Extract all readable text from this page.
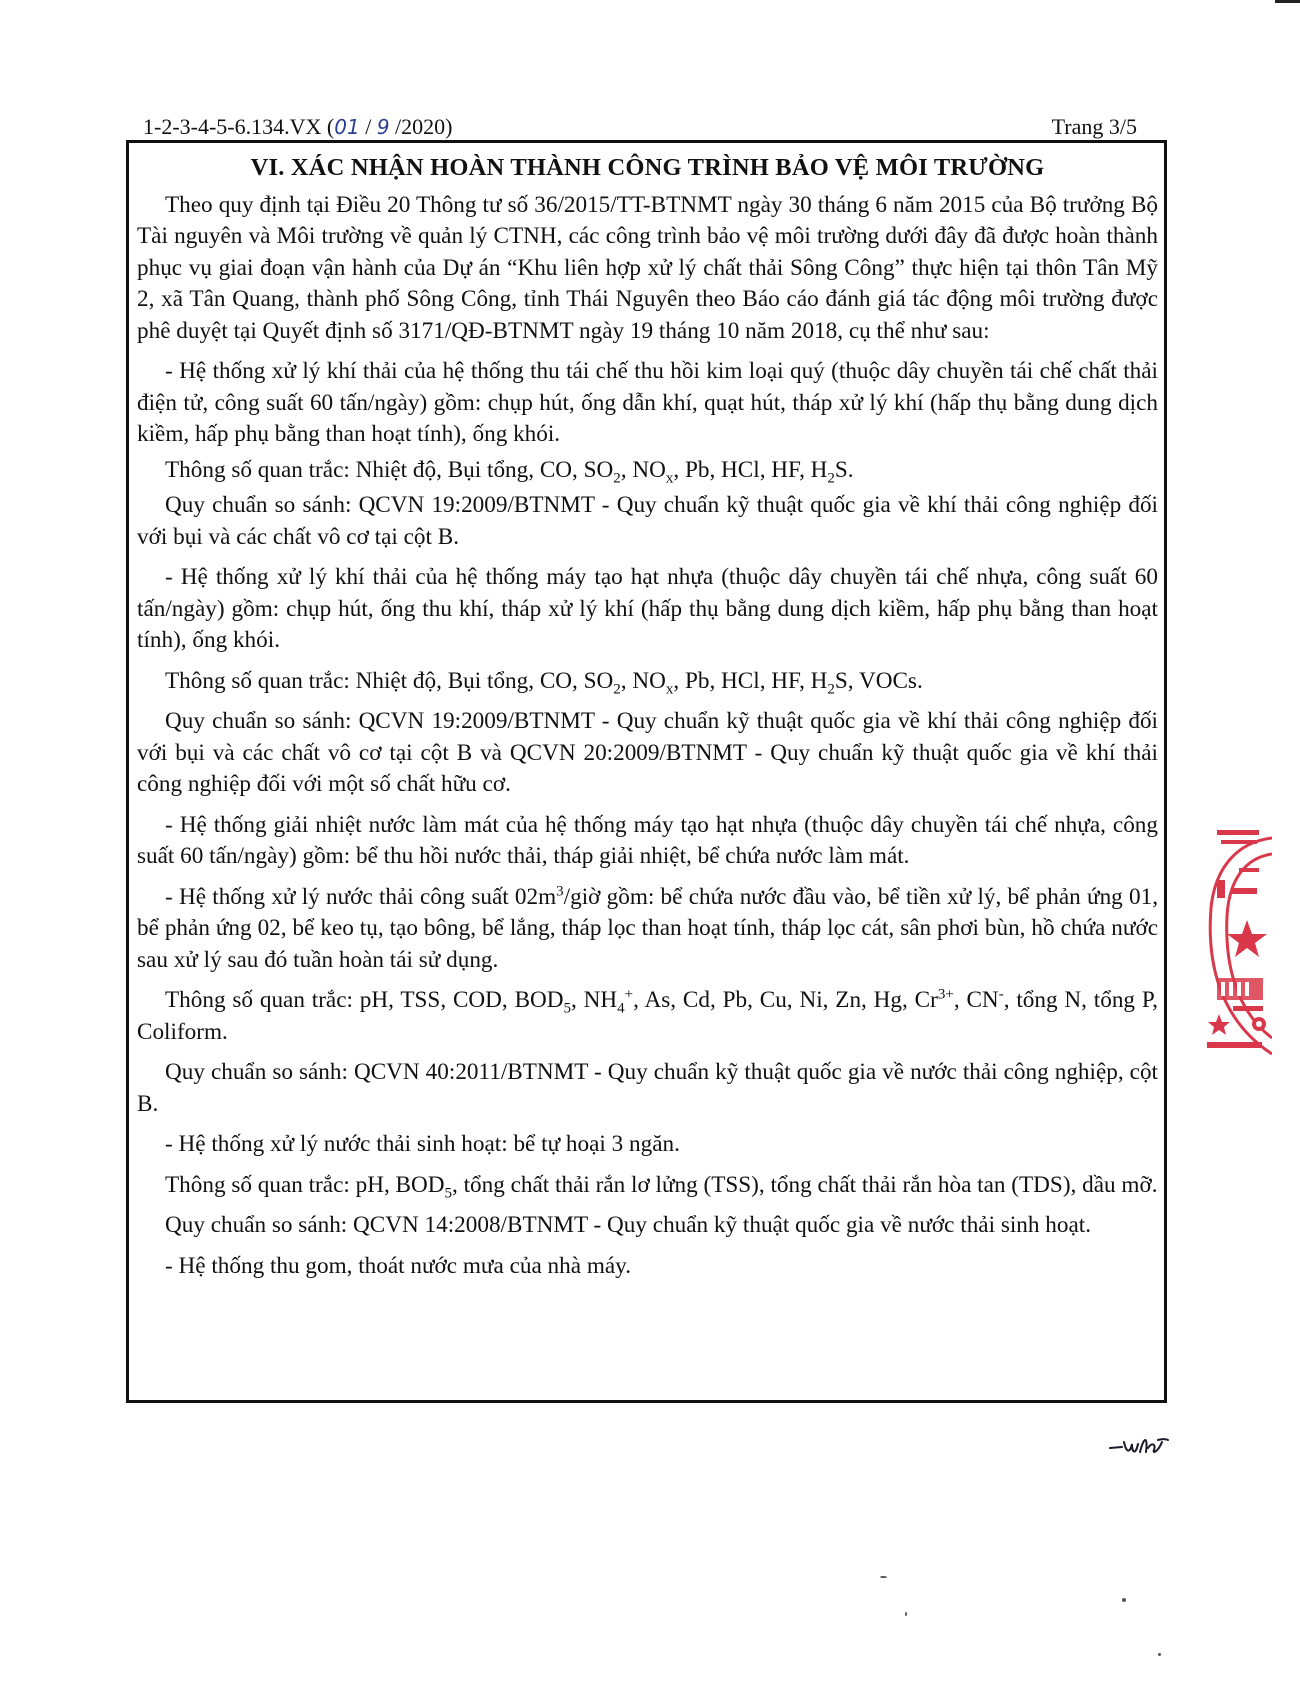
1-2-3-4-5-6.134.VX (01 / 9 /2020)	Trang 3/5
VI. XÁC NHẬN HOÀN THÀNH CÔNG TRÌNH BẢO VỆ MÔI TRƯỜNG

Theo quy định tại Điều 20 Thông tư số 36/2015/TT-BTNMT ngày 30 tháng 6 năm 2015 của Bộ trưởng Bộ Tài nguyên và Môi trường về quản lý CTNH, các công trình bảo vệ môi trường dưới đây đã được hoàn thành phục vụ giai đoạn vận hành của Dự án “Khu liên hợp xử lý chất thải Sông Công” thực hiện tại thôn Tân Mỹ 2, xã Tân Quang, thành phố Sông Công, tỉnh Thái Nguyên theo Báo cáo đánh giá tác động môi trường được phê duyệt tại Quyết định số 3171/QĐ-BTNMT ngày 19 tháng 10 năm 2018, cụ thể như sau:

- Hệ thống xử lý khí thải của hệ thống thu tái chế thu hồi kim loại quý (thuộc dây chuyền tái chế chất thải điện tử, công suất 60 tấn/ngày) gồm: chụp hút, ống dẫn khí, quạt hút, tháp xử lý khí (hấp thụ bằng dung dịch kiềm, hấp phụ bằng than hoạt tính), ống khói.

Thông số quan trắc: Nhiệt độ, Bụi tổng, CO, $SO_2$, $NO_x$, Pb, HCl, HF, $H_2S$.

Quy chuẩn so sánh: QCVN 19:2009/BTNMT - Quy chuẩn kỹ thuật quốc gia về khí thải công nghiệp đối với bụi và các chất vô cơ tại cột B.

- Hệ thống xử lý khí thải của hệ thống máy tạo hạt nhựa (thuộc dây chuyền tái chế nhựa, công suất 60 tấn/ngày) gồm: chụp hút, ống thu khí, tháp xử lý khí (hấp thụ bằng dung dịch kiềm, hấp phụ bằng than hoạt tính), ống khói.

Thông số quan trắc: Nhiệt độ, Bụi tổng, CO, $SO_2$, $NO_x$, Pb, HCl, HF, $H_2S$, VOCs.

Quy chuẩn so sánh: QCVN 19:2009/BTNMT - Quy chuẩn kỹ thuật quốc gia về khí thải công nghiệp đối với bụi và các chất vô cơ tại cột B và QCVN 20:2009/BTNMT - Quy chuẩn kỹ thuật quốc gia về khí thải công nghiệp đối với một số chất hữu cơ.

- Hệ thống giải nhiệt nước làm mát của hệ thống máy tạo hạt nhựa (thuộc dây chuyền tái chế nhựa, công suất 60 tấn/ngày) gồm: bể thu hồi nước thải, tháp giải nhiệt, bể chứa nước làm mát.

- Hệ thống xử lý nước thải công suất $02m^3$/giờ gồm: bể chứa nước đầu vào, bể tiền xử lý, bể phản ứng 01, bể phản ứng 02, bể keo tụ, tạo bông, bể lắng, tháp lọc than hoạt tính, tháp lọc cát, sân phơi bùn, hồ chứa nước sau xử lý sau đó tuần hoàn tái sử dụng.

Thông số quan trắc: pH, TSS, COD, $BOD_5$, $NH_4^+$, As, Cd, Pb, Cu, Ni, Zn, Hg, $Cr^{3+}$, CN-, tổng N, tổng P, Coliform.

Quy chuẩn so sánh: QCVN 40:2011/BTNMT - Quy chuẩn kỹ thuật quốc gia về nước thải công nghiệp, cột B.

- Hệ thống xử lý nước thải sinh hoạt: bể tự hoại 3 ngăn.

Thông số quan trắc: pH, $BOD_5$, tổng chất thải rắn lơ lửng (TSS), tổng chất thải rắn hòa tan (TDS), dầu mỡ.

Quy chuẩn so sánh: QCVN 14:2008/BTNMT - Quy chuẩn kỹ thuật quốc gia về nước thải sinh hoạt.

- Hệ thống thu gom, thoát nước mưa của nhà máy.
